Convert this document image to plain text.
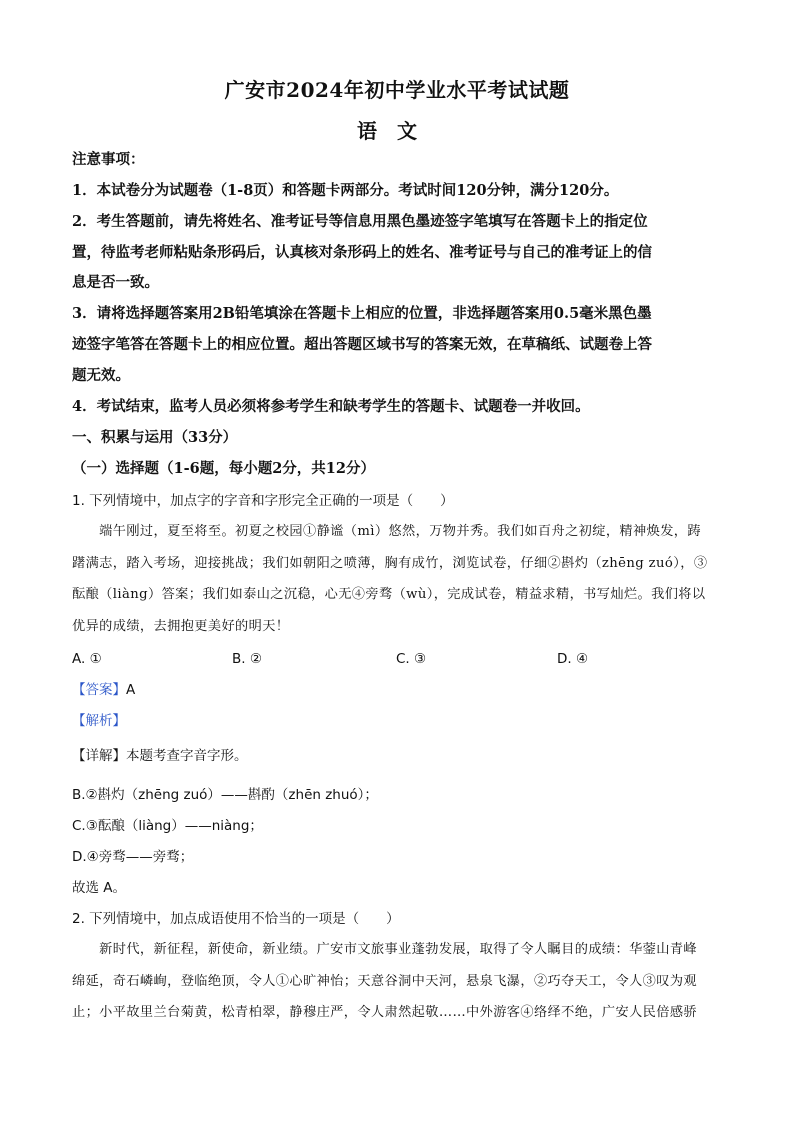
广安市2024年初中学业水平考试试题
语文
注意事项：
1．本试卷分为试题卷（1-8页）和答题卡两部分。考试时间120分钟，满分120分。
2．考生答题前，请先将姓名、准考证号等信息用黑色墨迹签字笔填写在答题卡上的指定位
置，待监考老师粘贴条形码后，认真核对条形码上的姓名、准考证号与自己的准考证上的信
息是否一致。
3．请将选择题答案用2B铅笔填涂在答题卡上相应的位置，非选择题答案用0.5毫米黑色墨
迹签字笔答在答题卡上的相应位置。超出答题区域书写的答案无效，在草稿纸、试题卷上答
题无效。
4．考试结束，监考人员必须将参考学生和缺考学生的答题卡、试题卷一并收回。
一、积累与运用（33分）
（一）选择题（1-6题，每小题2分，共12分）
1. 下列情境中，加点字的字音和字形完全正确的一项是（　　）
　　端午刚过，夏至将至。初夏之校园①静谧（mì）悠然，万物并秀。我们如百舟之初绽，精神焕发，踌
躇满志，踏入考场，迎接挑战；我们如朝阳之喷薄，胸有成竹，浏览试卷，仔细②斟灼（zhēng zuó），③
酝酿（liàng）答案；我们如泰山之沉稳，心无④旁骛（wù），完成试卷，精益求精，书写灿烂。我们将以
优异的成绩，去拥抱更美好的明天！
A. ①	B. ②	C. ③	D. ④
【答案】A
【解析】
【详解】本题考查字音字形。
B.②斟灼（zhēng zuó）——斟酌（zhēn zhuó）；
C.③酝酿（liàng）——niàng；
D.④旁骛——旁骛；
故选 A。
2. 下列情境中，加点成语使用不恰当的一项是（　　）
　　新时代，新征程，新使命，新业绩。广安市文旅事业蓬勃发展，取得了令人瞩目的成绩：华蓥山青峰
绵延，奇石嶙峋，登临绝顶，令人①心旷神怡；天意谷洞中天河，悬泉飞瀑，②巧夺天工，令人③叹为观
止；小平故里兰台菊黄，松青柏翠，静穆庄严，令人肃然起敬……中外游客④络绎不绝，广安人民倍感骄
